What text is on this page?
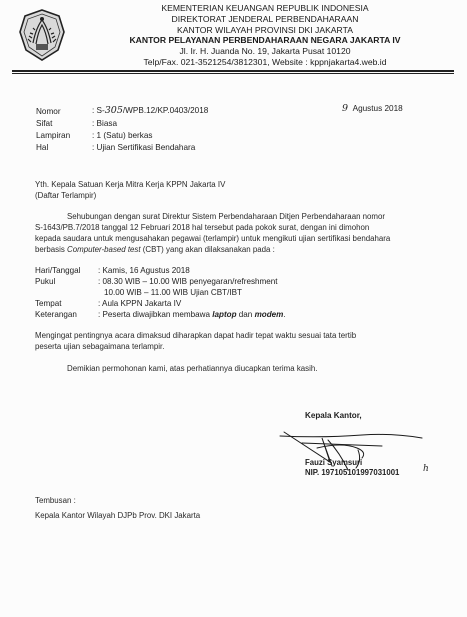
KEMENTERIAN KEUANGAN REPUBLIK INDONESIA
DIREKTORAT JENDERAL PERBENDAHARAAN
KANTOR WILAYAH PROVINSI DKI JAKARTA
KANTOR PELAYANAN PERBENDAHARAAN NEGARA JAKARTA IV
Jl. Ir. H. Juanda No. 19, Jakarta Pusat 10120
Telp/Fax. 021-3521254/3812301, Website : kppnjakarta4.web.id
Nomor	: S-305/WPB.12/KP.0403/2018	9 Agustus 2018
Sifat	: Biasa
Lampiran	: 1 (Satu) berkas
Hal	: Ujian Sertifikasi Bendahara
Yth. Kepala Satuan Kerja Mitra Kerja KPPN Jakarta IV
(Daftar Terlampir)
Sehubungan dengan surat Direktur Sistem Perbendaharaan Ditjen Perbendaharaan nomor
S-1643/PB.7/2018 tanggal 12 Februari 2018 hal tersebut pada pokok surat, dengan ini dimohon
kepada saudara untuk mengusahakan pegawai (terlampir) untuk mengikuti ujian sertifikasi bendahara
berbasis Computer-based test (CBT) yang akan dilaksanakan pada :
Hari/Tanggal : Kamis, 16 Agustus 2018
Pukul	: 08.30 WIB – 10.00 WIB penyegaran/refreshment
10.00 WIB – 11.00 WIB Ujian CBT/IBT
Tempat	: Aula KPPN Jakarta IV
Keterangan	: Peserta diwajibkan membawa laptop dan modem.
Mengingat pentingnya acara dimaksud diharapkan dapat hadir tepat waktu sesuai tata tertib
peserta ujian sebagaimana terlampir.
Demikian permohonan kami, atas perhatiannya diucapkan terima kasih.
Kepala Kantor,
Fauzi Syamsuri
NIP. 197105101997031001	h
Tembusan :
Kepala Kantor Wilayah DJPb Prov. DKI Jakarta
